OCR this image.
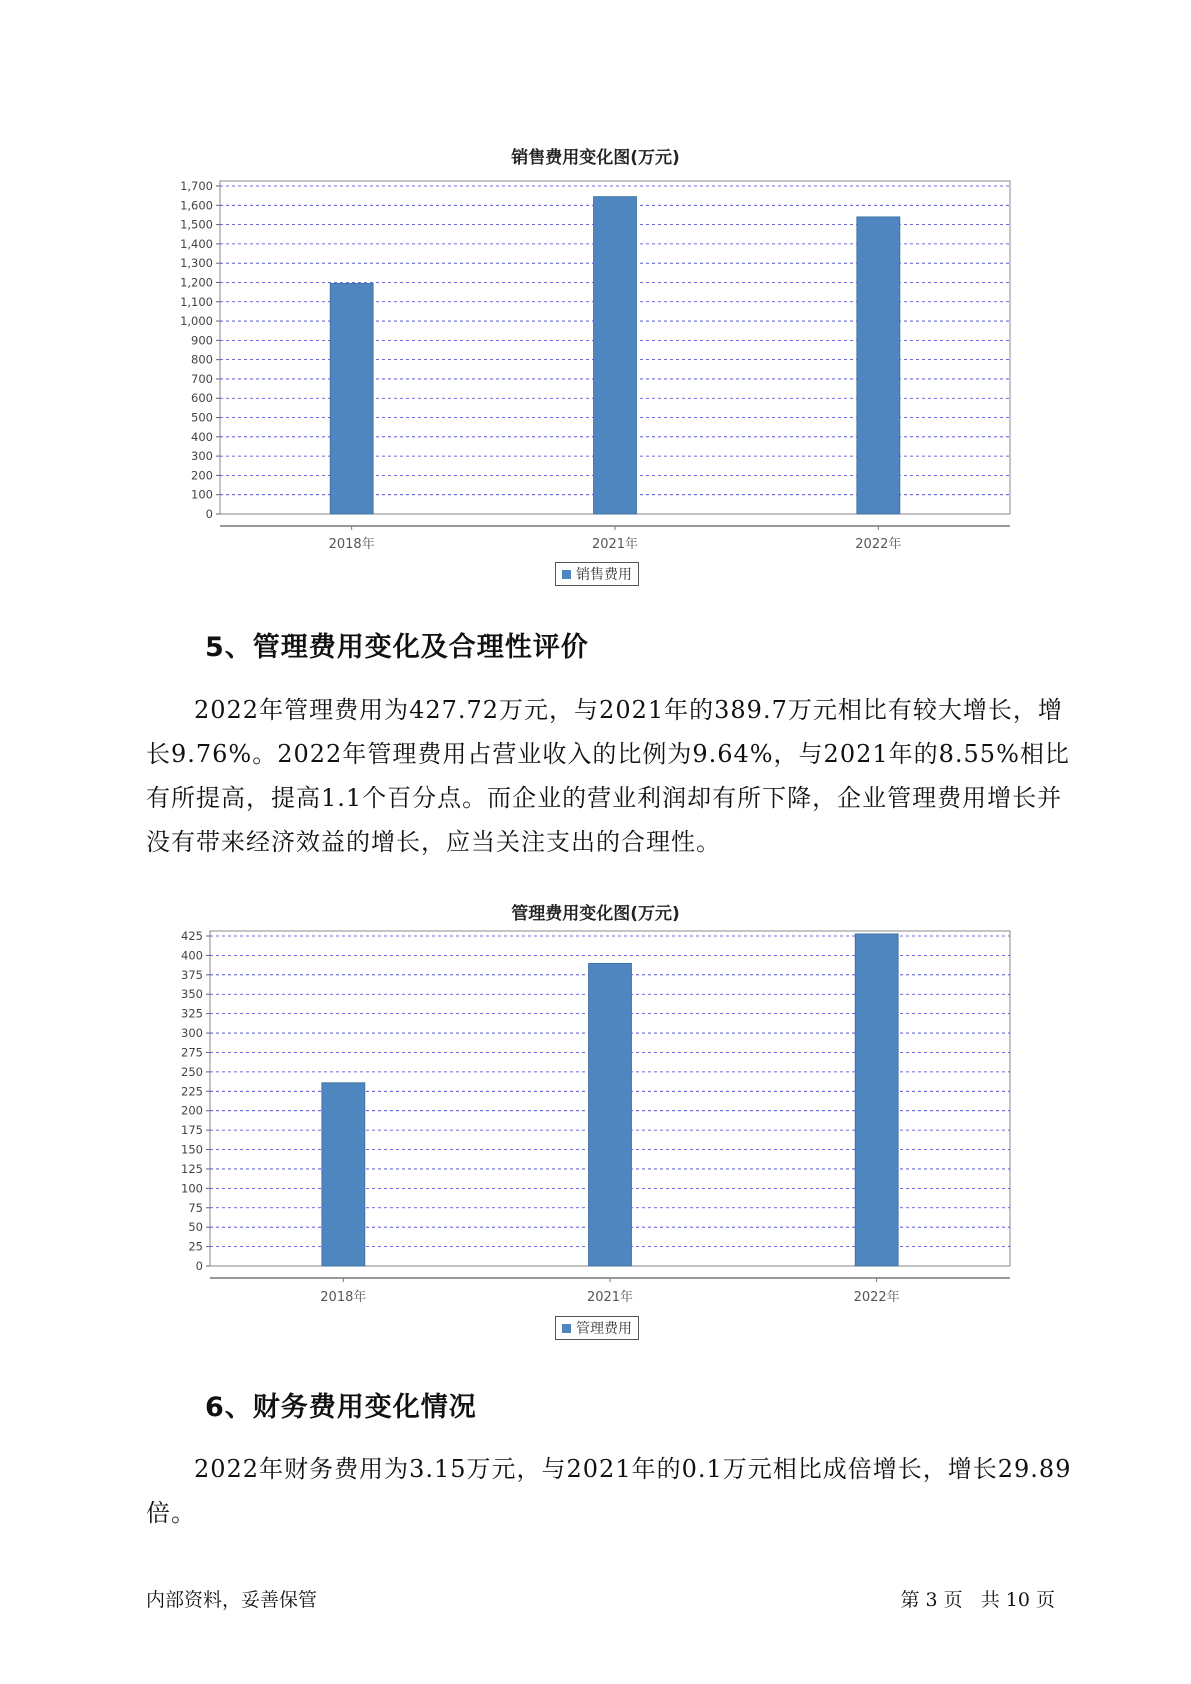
销售费用变化图(万元)
0
100
200
300
400
500
600
700
800
900
1,000
1,100
1,200
1,300
1,400
1,500
1,600
1,700
2018年	2021年	2022年
销售费用
5、管理费用变化及合理性评价

2022年管理费用为427.72万元，与2021年的389.7万元相比有较大增长，增长9.76%。2022年管理费用占营业收入的比例为9.64%，与2021年的8.55%相比有所提高，提高1.1个百分点。而企业的营业利润却有所下降，企业管理费用增长并没有带来经济效益的增长，应当关注支出的合理性。

管理费用变化图(万元)
0
25
50
75
100
125
150
175
200
225
250
275
300
325
350
375
400
425
2018年	2021年	2022年
管理费用
6、财务费用变化情况

2022年财务费用为3.15万元，与2021年的0.1万元相比成倍增长，增长29.89倍。

内部资料，妥善保管	第 3 页   共 10 页
